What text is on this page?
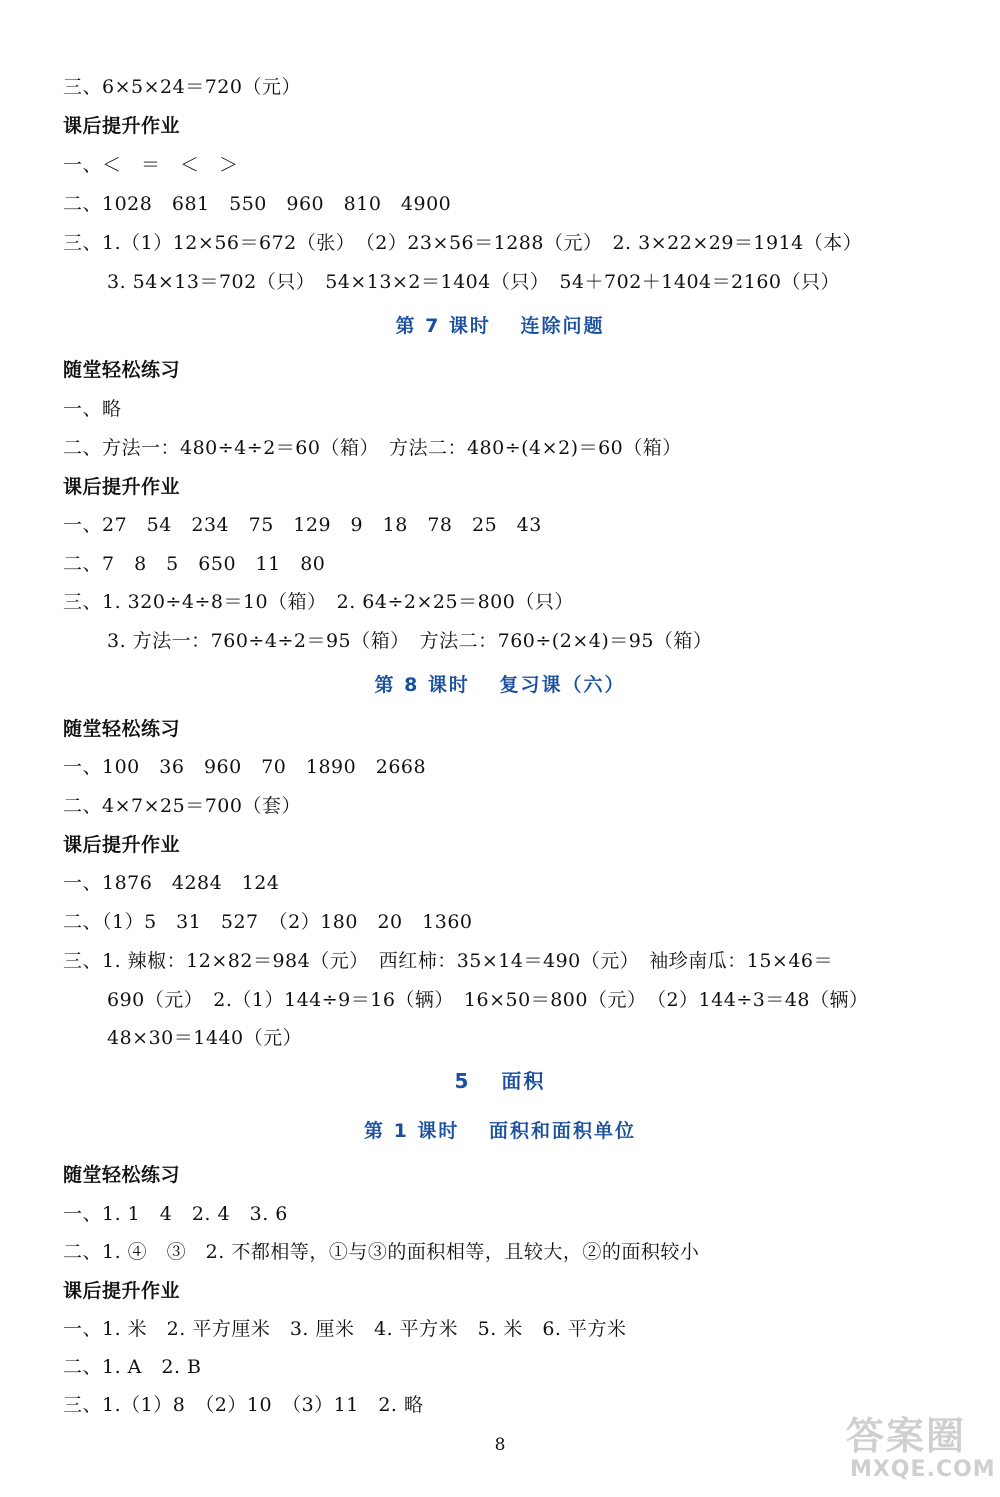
三、6×5×24＝720（元）
课后提升作业
一、＜　＝　＜　＞
二、1028　681　550　960　810　4900
三、1.（1）12×56＝672（张）　（2）23×56＝1288（元）　2. 3×22×29＝1914（本）
3. 54×13＝702（只）　54×13×2＝1404（只）　54＋702＋1404＝2160（只）
第 7 课时　 连除问题
随堂轻松练习
一、略
二、方法一：480÷4÷2＝60（箱）　方法二：480÷(4×2)＝60（箱）
课后提升作业
一、27　54　234　75　129　9　18　78　25　43
二、7　8　5　650　11　80
三、1. 320÷4÷8＝10（箱）　2. 64÷2×25＝800（只）
3. 方法一：760÷4÷2＝95（箱）　方法二：760÷(2×4)＝95（箱）
第 8 课时　 复习课（六）
随堂轻松练习
一、100　36　960　70　1890　2668
二、4×7×25＝700（套）
课后提升作业
一、1876　4284　124
二、（1）5　31　527　（2）180　20　1360
三、1. 辣椒：12×82＝984（元）　西红柿：35×14＝490（元）　袖珍南瓜：15×46＝
690（元）　2.（1）144÷9＝16（辆）　16×50＝800（元）　（2）144÷3＝48（辆）
48×30＝1440（元）
5　 面积
第 1 课时　 面积和面积单位
随堂轻松练习
一、1. 1　4　2. 4　3. 6
二、1. ④　③　2. 不都相等，①与③的面积相等，且较大，②的面积较小
课后提升作业
一、1. 米　2. 平方厘米　3. 厘米　4. 平方米　5. 米　6. 平方米
二、1. A　2. B
三、1.（1）8　（2）10　（3）11　2. 略
8	答案圈
MXQE.COM
